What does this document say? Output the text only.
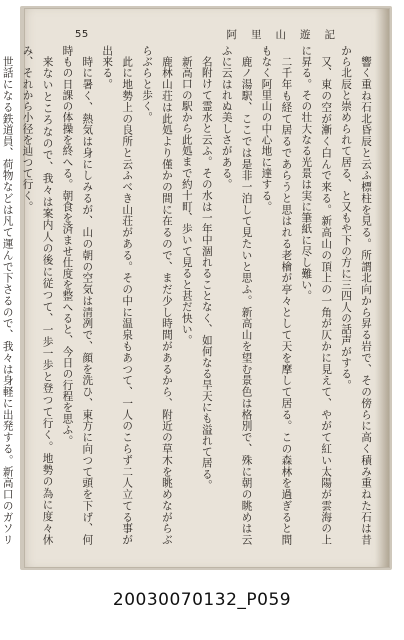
55	阿里山遊記

響く重ね石北昏辰と云ふ標柱を見る。所謂北向から昇る岩で、その傍らに高く積み重ねた石は昔から北辰と崇められて居る、と又もや下の方に三四人の話声がする。

又、東の空が漸く白んで来る。新高山の頂上の一角が仄かに見えて、やがて紅い太陽が雲海の上に昇る。その壮大なる光景は実に筆紙に尽し難い。

二千年も経て居るであらうと思はれる老檜が亭々として天を摩して居る。この森林を過ぎると間もなく阿里山の中心地に達する。

鹿ノ湯駅、ここでは是非一泊して見たいと思ふ。新高山を望む景色は格別で、殊に朝の眺めは云ふに云はれぬ美しさがある。

名附けて霊水と云ふ。その水は一年中涸れることなく、如何なる旱天にも溢れて居る。

新高口の駅から此処まで約十町、歩いて見ると甚だ快い。

鹿林山荘は此処より僅かの間に在るので、まだ少し時間があるから、附近の草木を眺めながらぶらぶらと歩く。

此に地勢上の良所と云ふべき山荘がある。その中に温泉もあつて、一人のこらず二人立てる事が出来る。

時に暑く、熱気は身にしみるが、山の朝の空気は清冽で、顔を洗ひ、東方に向つて頭を下げ、何時もの日課の体操を終へる。朝食を済ませ仕度を整へると、今日の行程を思ふ。

来ないところなので、我々は案内人の後に従つて、一歩一歩と登つて行く。地勢の為に度々休み、それから小径を辿つて行く。

世話になる鉄道員、荷物などは凡て運んで下さるので、我々は身軽に出発する。新高口のガソリ

20030070132_P059
